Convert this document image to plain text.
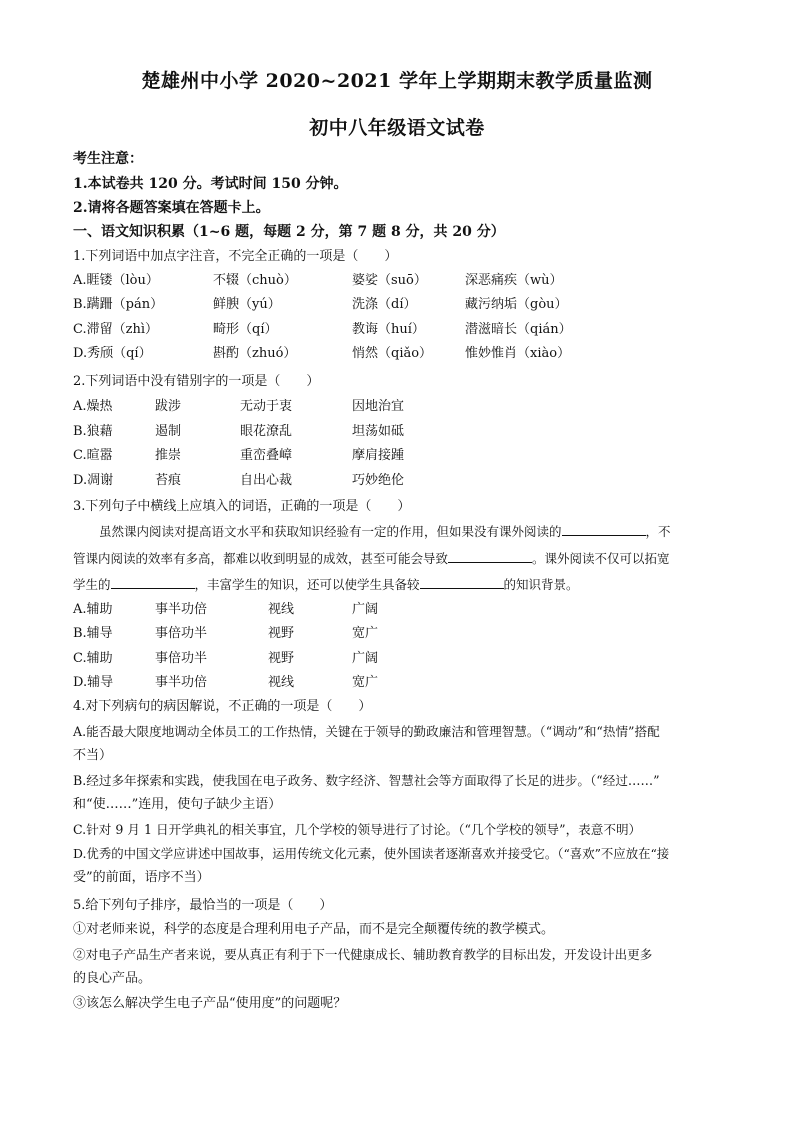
楚雄州中小学 2020~2021 学年上学期期末教学质量监测
初中八年级语文试卷
考生注意：
1.本试卷共 120 分。考试时间 150 分钟。
2.请将各题答案填在答题卡上。
一、语文知识积累（1~6 题，每题 2 分，第 7 题 8 分，共 20 分）
1.下列词语中加点字注音，不完全正确的一项是（　　）
A.睚镂（lòu）	不辍（chuò）	婆娑（suō）	深恶痛疾（wù）
B.蹒跚（pán）	鲜腴（yú）	洗涤（dí）	藏污纳垢（gòu）
C.滞留（zhì）	畸形（qí）	教诲（huí）	潜滋暗长（qián）
D.秀颀（qí）	斟酌（zhuó）	悄然（qiǎo）	惟妙惟肖（xiào）
2.下列词语中没有错别字的一项是（　　）
A.燥热	跋涉	无动于衷	因地治宜
B.狼藉	遏制	眼花潦乱	坦荡如砥
C.暄嚣	推崇	重峦叠嶂	摩肩接踵
D.凋谢	苔痕	自出心裁	巧妙绝伦
3.下列句子中横线上应填入的词语，正确的一项是（　　）
虽然课内阅读对提高语文水平和获取知识经验有一定的作用，但如果没有课外阅读的	，不
管课内阅读的效率有多高，都难以收到明显的成效，甚至可能会导致	。课外阅读不仅可以拓宽
学生的	，丰富学生的知识，还可以使学生具备较	的知识背景。
A.辅助	事半功倍	视线	广阔
B.辅导	事倍功半	视野	宽广
C.辅助	事倍功半	视野	广阔
D.辅导	事半功倍	视线	宽广
4.对下列病句的病因解说，不正确的一项是（　　）
A.能否最大限度地调动全体员工的工作热情，关键在于领导的勤政廉洁和管理智慧。（“调动”和“热情”搭配
不当）
B.经过多年探索和实践，使我国在电子政务、数字经济、智慧社会等方面取得了长足的进步。（“经过……”
和“使……”连用，使句子缺少主语）
C.针对 9 月 1 日开学典礼的相关事宜，几个学校的领导进行了讨论。（“几个学校的领导”，表意不明）
D.优秀的中国文学应讲述中国故事，运用传统文化元素，使外国读者逐渐喜欢并接受它。（“喜欢”不应放在“接
受”的前面，语序不当）
5.给下列句子排序，最恰当的一项是（　　）
①对老师来说，科学的态度是合理利用电子产品，而不是完全颠覆传统的教学模式。
②对电子产品生产者来说，要从真正有利于下一代健康成长、辅助教育教学的目标出发，开发设计出更多
的良心产品。
③该怎么解决学生电子产品“使用度”的问题呢？
